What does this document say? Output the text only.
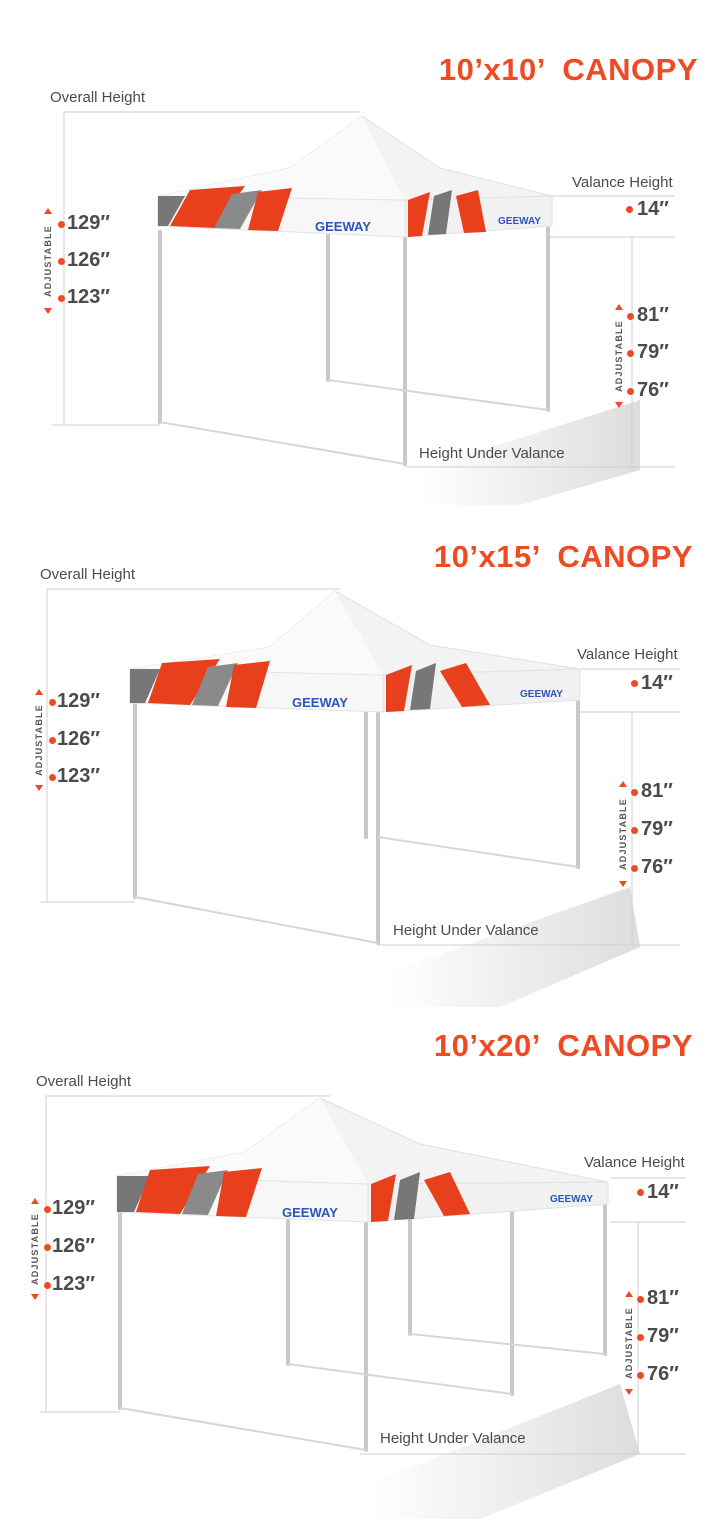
GEEWAY	GEEWAY
10’x10’  CANOPY
Overall Height
Valance Height
Height Under Valance
ADJUSTABLE
129″
126″
123″
14″
ADJUSTABLE
81″
79″
76″
GEEWAY
GEEWAY
10’x15’  CANOPY
Overall Height
Valance Height
Height Under Valance
ADJUSTABLE
129″
126″
123″
14″
ADJUSTABLE
81″
79″
76″
GEEWAY
GEEWAY
10’x20’  CANOPY
Overall Height
Valance Height
Height Under Valance
ADJUSTABLE
129″
126″
123″
14″
ADJUSTABLE
81″
79″
76″
